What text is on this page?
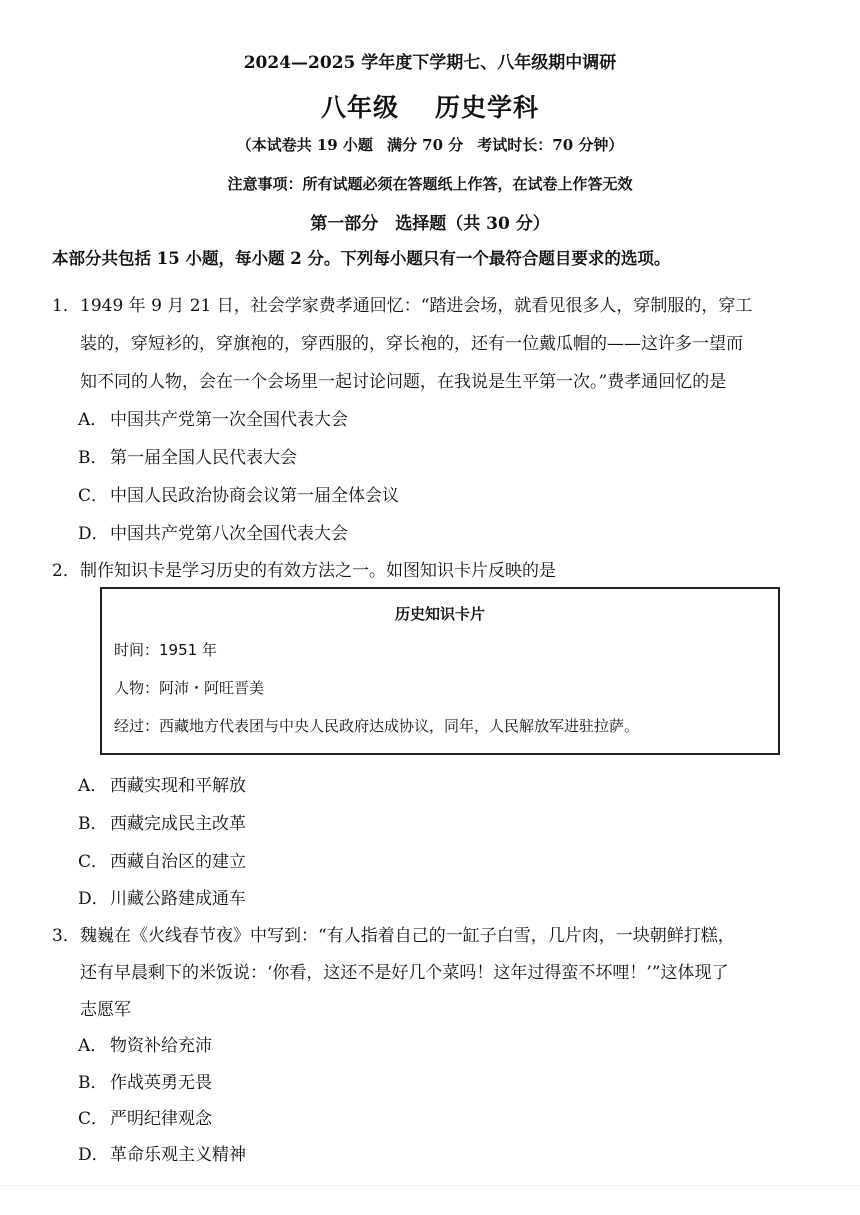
2024—2025 学年度下学期七、八年级期中调研
八年级 历史学科
（本试卷共 19 小题 满分 70 分 考试时长：70 分钟）
注意事项：所有试题必须在答题纸上作答，在试卷上作答无效
第一部分　选择题（共 30 分）
本部分共包括 15 小题，每小题 2 分。下列每小题只有一个最符合题目要求的选项。
1． 1949 年 9 月 21 日，社会学家费孝通回忆：“踏进会场，就看见很多人，穿制服的，穿工
装的，穿短衫的，穿旗袍的，穿西服的，穿长袍的，还有一位戴瓜帽的——这许多一望而
知不同的人物，会在一个会场里一起讨论问题，在我说是生平第一次。”费孝通回忆的是
A． 中国共产党第一次全国代表大会
B． 第一届全国人民代表大会
C． 中国人民政治协商会议第一届全体会议
D．中国共产党第八次全国代表大会
2． 制作知识卡是学习历史的有效方法之一。如图知识卡片反映的是
历史知识卡片
时间：1951 年
人物：阿沛・阿旺晋美
经过：西藏地方代表团与中央人民政府达成协议，同年，人民解放军进驻拉萨。
A． 西藏实现和平解放
B． 西藏完成民主改革
C． 西藏自治区的建立
D．川藏公路建成通车
3． 魏巍在《火线春节夜》中写到：“有人指着自己的一缸子白雪，几片肉，一块朝鲜打糕，
还有早晨剩下的米饭说：‘你看，这还不是好几个菜吗！这年过得蛮不坏哩！’”这体现了
志愿军
A． 物资补给充沛
B． 作战英勇无畏
C． 严明纪律观念
D．革命乐观主义精神
